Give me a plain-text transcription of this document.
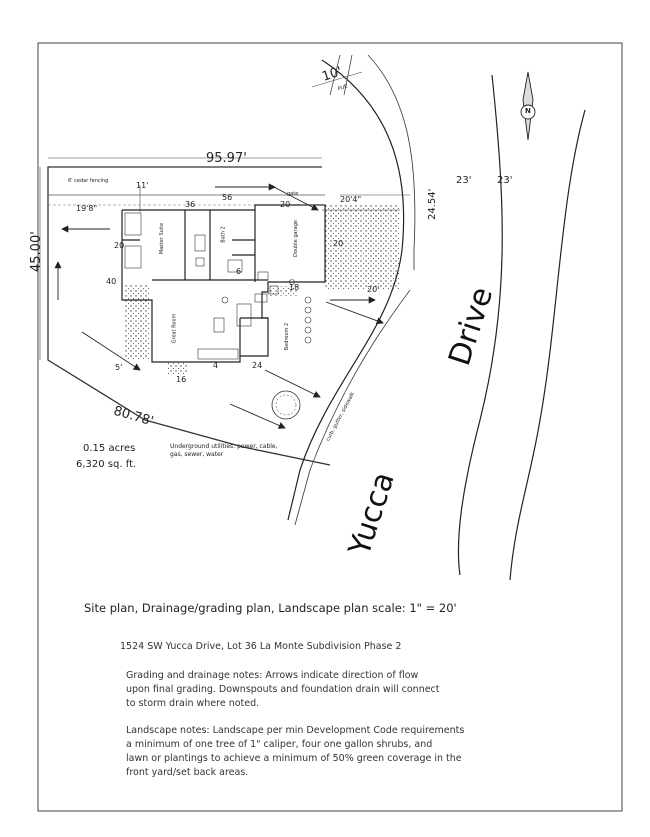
95.97'
45.00'
80.78'
10'
PUE
24.54'
23'	23'
11'
19'8"
20'4"
20'
5'
36
56
20
20	20
40
16
4	24
18
6
6' cedar fencing
gate
curb, gutter, sidewalk
Master Suite	Bath 2	Double garage
Great Room	Bedroom 2
N
0.15 acres
6,320 sq. ft.
Underground utilities: power, cable,
gas, sewer, water
Drive
Yucca
Site plan, Drainage/grading plan, Landscape plan scale: 1" = 20'
1524 SW Yucca Drive, Lot 36 La Monte Subdivision Phase 2
Grading and drainage notes: Arrows indicate direction of flow
upon final grading. Downspouts and foundation drain will connect
to storm drain where noted.
Landscape notes: Landscape per min Development Code requirements
a minimum of one tree of 1" caliper, four one gallon shrubs, and
lawn or plantings to achieve a minimum of 50% green coverage in the
front yard/set back areas.
